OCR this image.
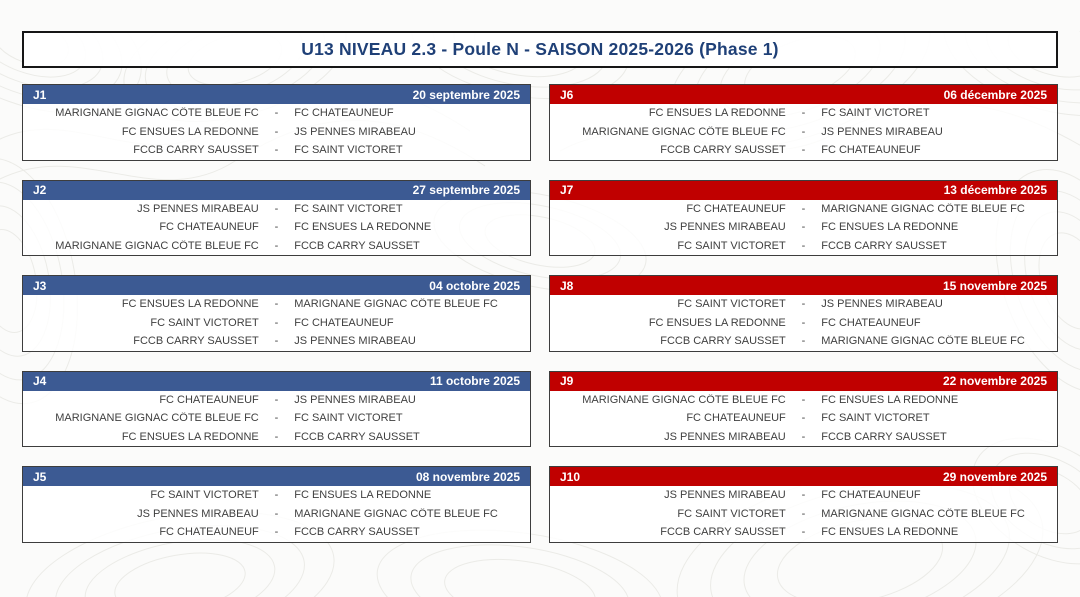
U13 NIVEAU 2.3 - Poule N - SAISON 2025-2026 (Phase 1)
J1	20 septembre 2025
MARIGNANE GIGNAC CÔTE BLEUE FC	-	FC CHATEAUNEUF
FC ENSUES LA REDONNE	-	JS PENNES MIRABEAU
FCCB CARRY SAUSSET	-	FC SAINT VICTORET
J2	27 septembre 2025
JS PENNES MIRABEAU	-	FC SAINT VICTORET
FC CHATEAUNEUF	-	FC ENSUES LA REDONNE
MARIGNANE GIGNAC CÔTE BLEUE FC	-	FCCB CARRY SAUSSET
J3	04 octobre 2025
FC ENSUES LA REDONNE	-	MARIGNANE GIGNAC CÔTE BLEUE FC
FC SAINT VICTORET	-	FC CHATEAUNEUF
FCCB CARRY SAUSSET	-	JS PENNES MIRABEAU
J4	11 octobre 2025
FC CHATEAUNEUF	-	JS PENNES MIRABEAU
MARIGNANE GIGNAC CÔTE BLEUE FC	-	FC SAINT VICTORET
FC ENSUES LA REDONNE	-	FCCB CARRY SAUSSET
J5	08 novembre 2025
FC SAINT VICTORET	-	FC ENSUES LA REDONNE
JS PENNES MIRABEAU	-	MARIGNANE GIGNAC CÔTE BLEUE FC
FC CHATEAUNEUF	-	FCCB CARRY SAUSSET
J6	06 décembre 2025
FC ENSUES LA REDONNE	-	FC SAINT VICTORET
MARIGNANE GIGNAC CÔTE BLEUE FC	-	JS PENNES MIRABEAU
FCCB CARRY SAUSSET	-	FC CHATEAUNEUF
J7	13 décembre 2025
FC CHATEAUNEUF	-	MARIGNANE GIGNAC CÔTE BLEUE FC
JS PENNES MIRABEAU	-	FC ENSUES LA REDONNE
FC SAINT VICTORET	-	FCCB CARRY SAUSSET
J8	15 novembre 2025
FC SAINT VICTORET	-	JS PENNES MIRABEAU
FC ENSUES LA REDONNE	-	FC CHATEAUNEUF
FCCB CARRY SAUSSET	-	MARIGNANE GIGNAC CÔTE BLEUE FC
J9	22 novembre 2025
MARIGNANE GIGNAC CÔTE BLEUE FC	-	FC ENSUES LA REDONNE
FC CHATEAUNEUF	-	FC SAINT VICTORET
JS PENNES MIRABEAU	-	FCCB CARRY SAUSSET
J10	29 novembre 2025
JS PENNES MIRABEAU	-	FC CHATEAUNEUF
FC SAINT VICTORET	-	MARIGNANE GIGNAC CÔTE BLEUE FC
FCCB CARRY SAUSSET	-	FC ENSUES LA REDONNE
